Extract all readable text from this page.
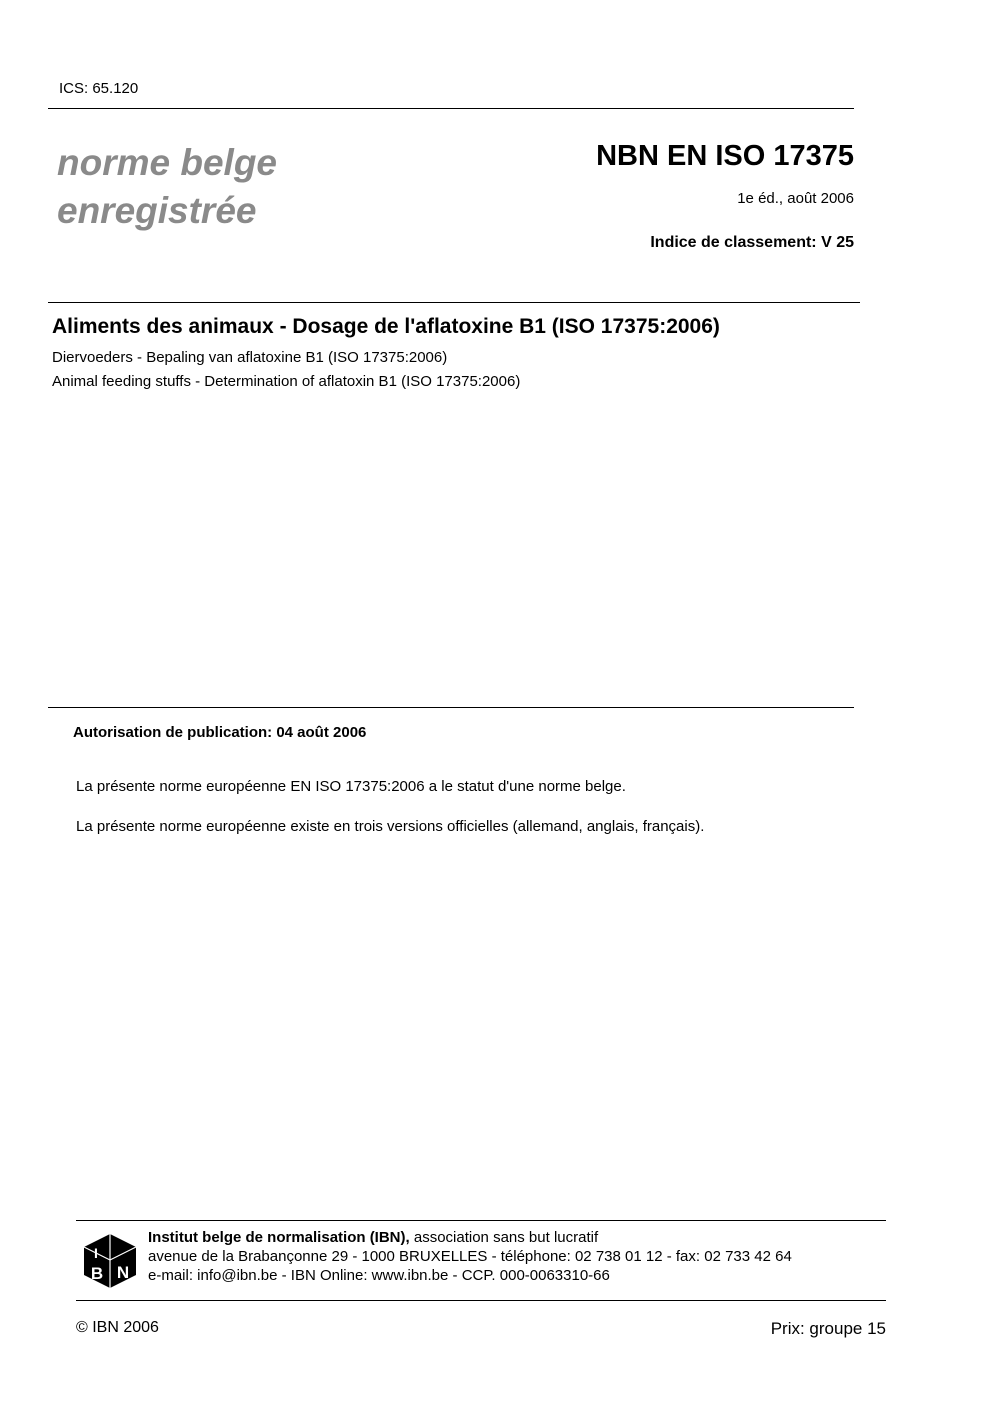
ICS: 65.120
norme belge
enregistrée
NBN EN ISO 17375
1e éd., août 2006
Indice de classement: V 25
Aliments des animaux - Dosage de l'aflatoxine B1 (ISO 17375:2006)
Diervoeders - Bepaling van aflatoxine B1 (ISO 17375:2006)
Animal feeding stuffs - Determination of aflatoxin B1 (ISO 17375:2006)
Autorisation de publication: 04 août 2006
La présente norme européenne EN ISO 17375:2006 a le statut d'une norme belge.
La présente norme européenne existe en trois versions officielles (allemand, anglais, français).
I
B N
Institut belge de normalisation (IBN), association sans but lucratif
avenue de la Brabançonne 29 - 1000 BRUXELLES - téléphone: 02 738 01 12 - fax: 02 733 42 64
e-mail: info@ibn.be - IBN Online: www.ibn.be - CCP. 000-0063310-66
© IBN 2006	Prix: groupe 15
